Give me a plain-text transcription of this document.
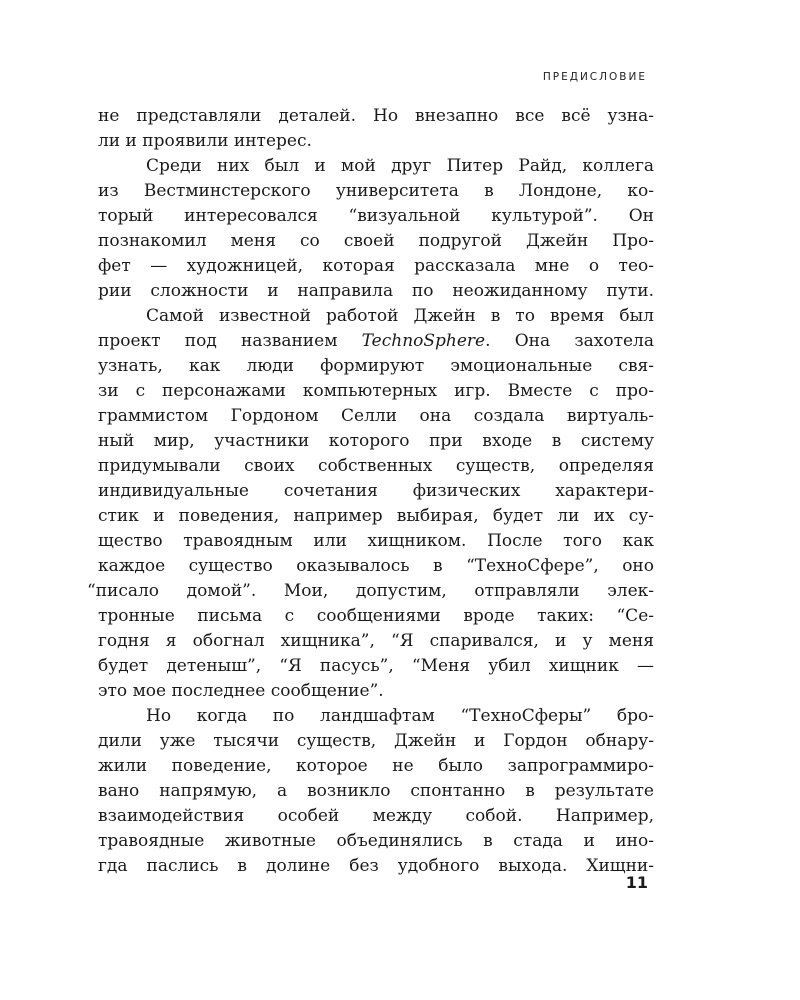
ПРЕДИСЛОВИЕ
не представляли деталей. Но внезапно все всё узна-
ли и проявили интерес.
Среди них был и мой друг Питер Райд, коллега
из Вестминстерского университета в Лондоне, ко-
торый интересовался “визуальной культурой”. Он
познакомил меня со своей подругой Джейн Про-
фет — художницей, которая рассказала мне о тео-
рии сложности и направила по неожиданному пути.
Самой известной работой Джейн в то время был
проект под названием TechnoSphere. Она захотела
узнать, как люди формируют эмоциональные свя-
зи с персонажами компьютерных игр. Вместе с про-
граммистом Гордоном Селли она создала виртуаль-
ный мир, участники которого при входе в систему
придумывали своих собственных существ, определяя
индивидуальные сочетания физических характери-
стик и поведения, например выбирая, будет ли их су-
щество травоядным или хищником. После того как
каждое существо оказывалось в “ТехноСфере”, оно
“писало домой”. Мои, допустим, отправляли элек-
тронные письма с сообщениями вроде таких: “Се-
годня я обогнал хищника”, “Я спаривался, и у меня
будет детеныш”, “Я пасусь”, “Меня убил хищник —
это мое последнее сообщение”.
Но когда по ландшафтам “ТехноСферы” бро-
дили уже тысячи существ, Джейн и Гордон обнару-
жили поведение, которое не было запрограммиро-
вано напрямую, а возникло спонтанно в результате
взаимодействия особей между собой. Например,
травоядные животные объединялись в стада и ино-
гда паслись в долине без удобного выхода. Хищни-
11
